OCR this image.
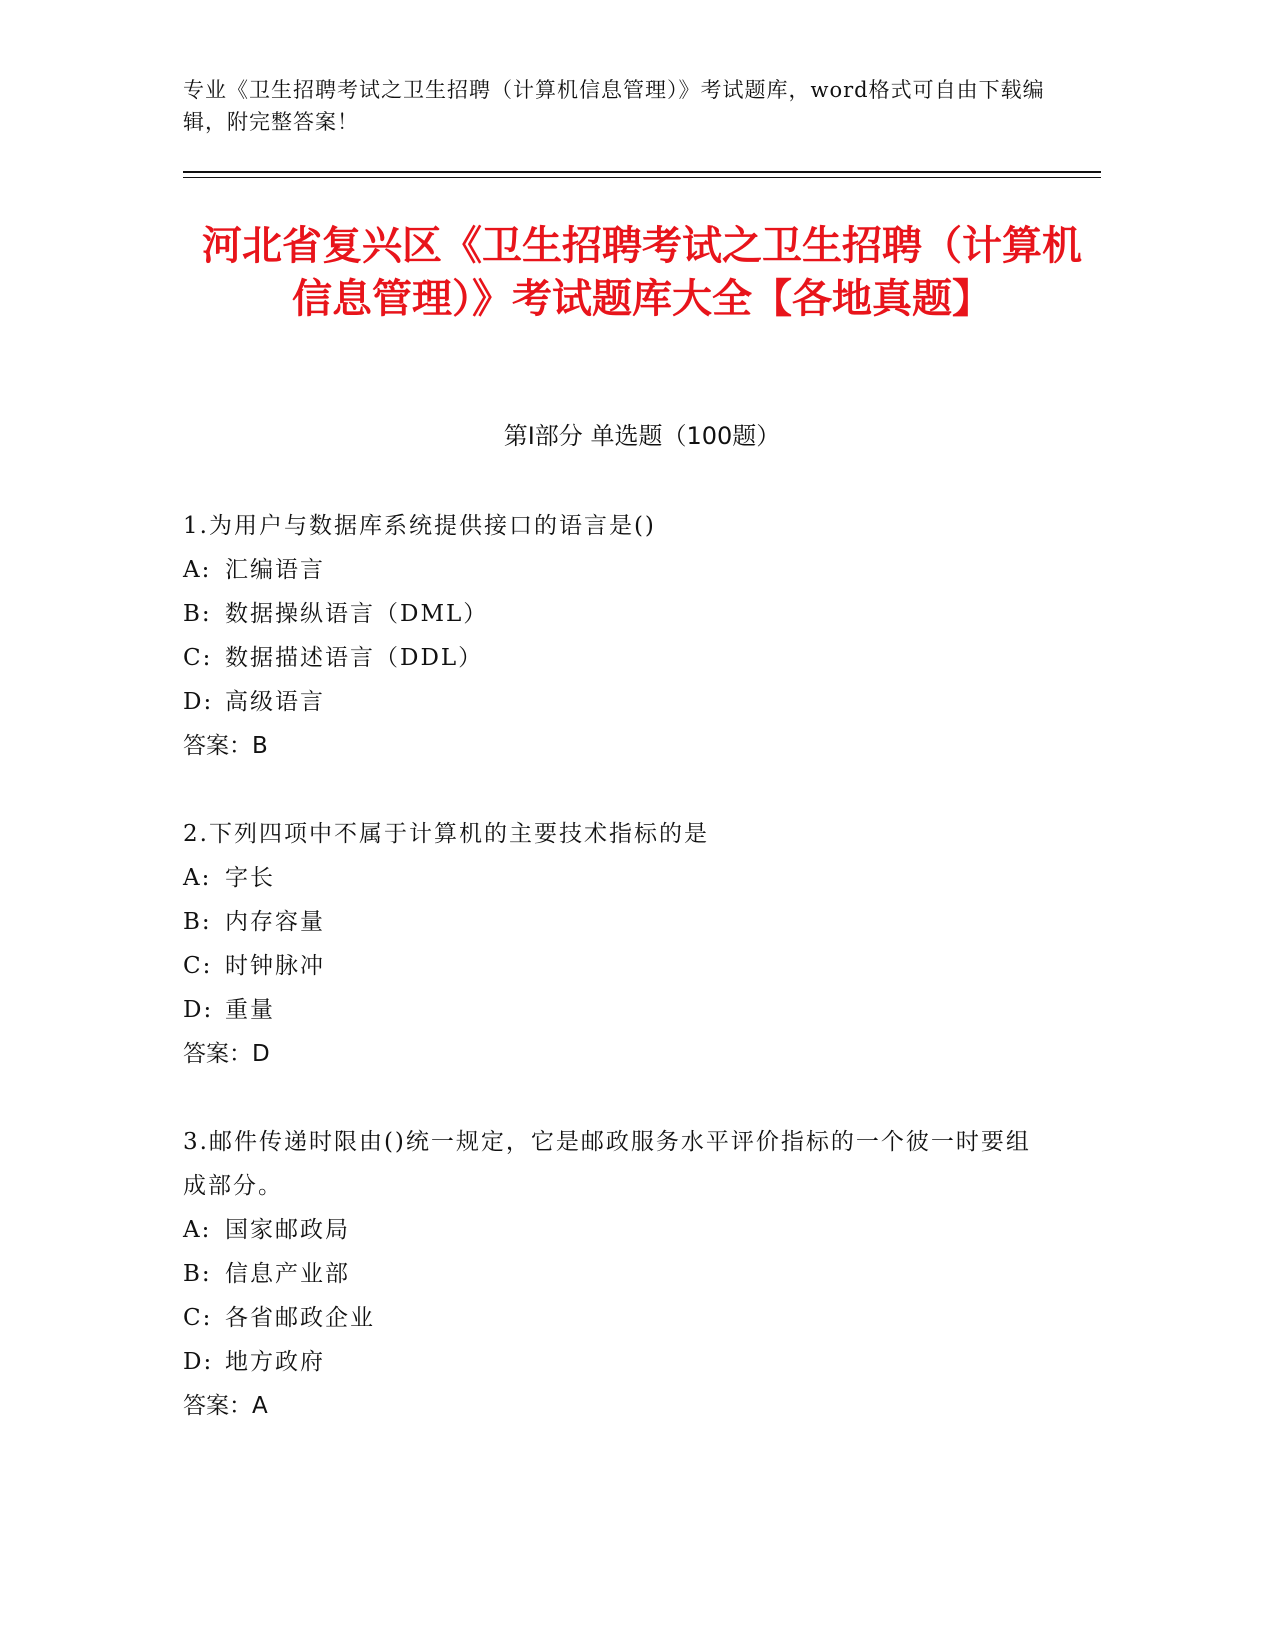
专业《卫生招聘考试之卫生招聘（计算机信息管理）》考试题库，word格式可自由下载编辑，附完整答案！
河北省复兴区《卫生招聘考试之卫生招聘（计算机信息管理）》考试题库大全【各地真题】
第I部分 单选题（100题）
1.为用户与数据库系统提供接口的语言是()
A: 汇编语言
B: 数据操纵语言（DML）
C: 数据描述语言（DDL）
D: 高级语言
答案：B
2.下列四项中不属于计算机的主要技术指标的是
A: 字长
B: 内存容量
C: 时钟脉冲
D: 重量
答案：D
3.邮件传递时限由()统一规定，它是邮政服务水平评价指标的一个彼一时要组成部分。
A: 国家邮政局
B: 信息产业部
C: 各省邮政企业
D: 地方政府
答案：A
